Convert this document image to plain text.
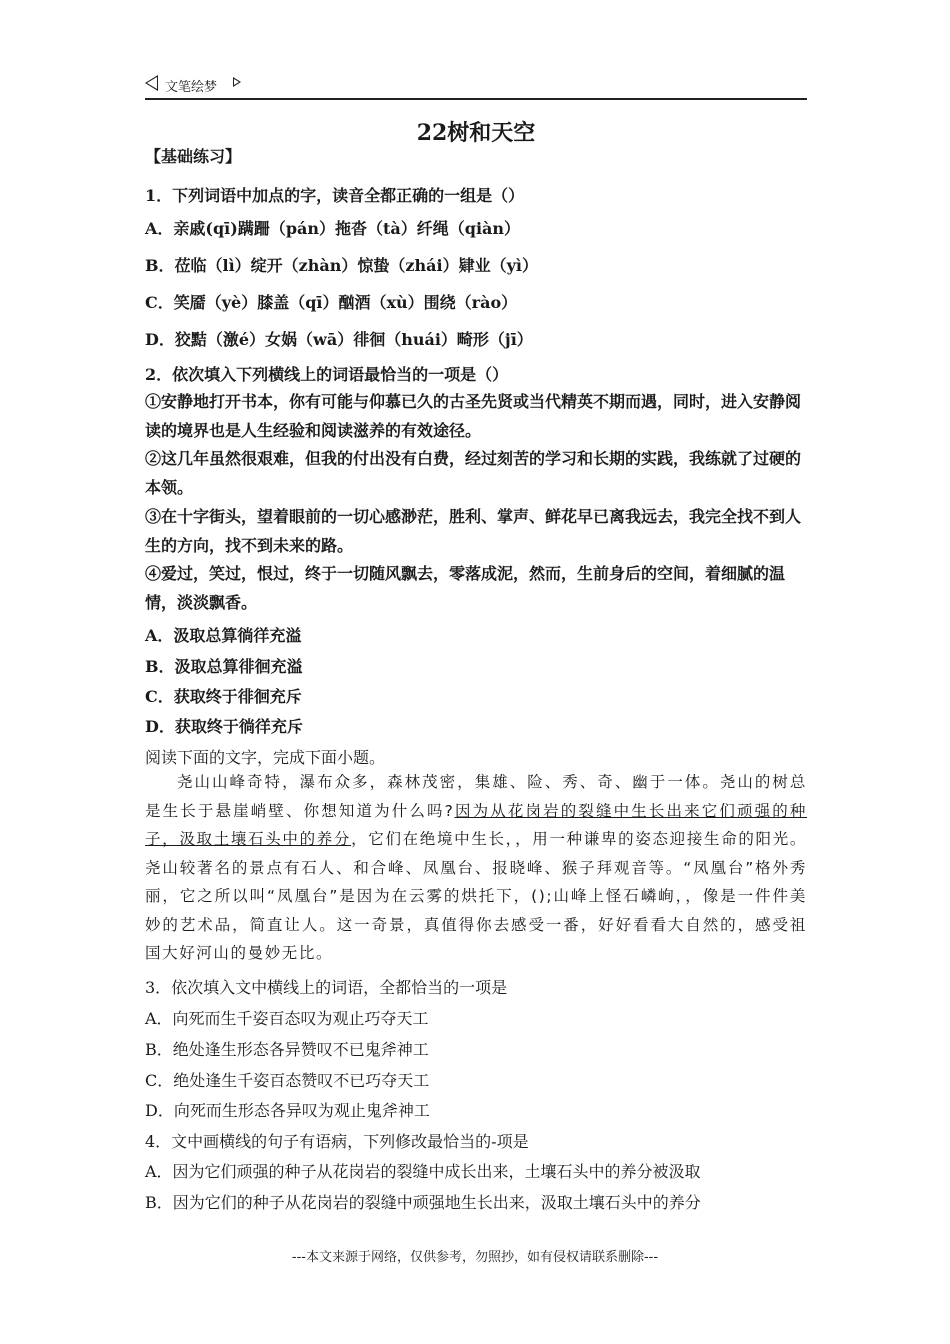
文笔绘梦
22树和天空
【基础练习】
1．下列词语中加点的字，读音全都正确的一组是（）
A．亲戚(qī)蹒跚（pán）拖沓（tà）纤绳（qiàn）
B．莅临（lì）绽开（zhàn）惊蛰（zhái）肄业（yì）
C．笑靥（yè）膝盖（qī）酗酒（xù）围绕（rào）
D．狡黠（激é）女娲（wā）徘徊（huái）畸形（jī）
2．依次填入下列横线上的词语最恰当的一项是（）
①安静地打开书本，你有可能与仰慕已久的古圣先贤或当代精英不期而遇，同时，进入安静阅读的境界也是人生经验和阅读滋养的有效途径。
②这几年虽然很艰难，但我的付出没有白费，经过刻苦的学习和长期的实践，我练就了过硬的本领。
③在十字街头，望着眼前的一切心感渺茫，胜利、掌声、鲜花早已离我远去，我完全找不到人生的方向，找不到未来的路。
④爱过，笑过，恨过，终于一切随风飘去，零落成泥，然而，生前身后的空间，着细腻的温情，淡淡飘香。
A．汲取总算徜徉充溢
B．汲取总算徘徊充溢
C．获取终于徘徊充斥
D．获取终于徜徉充斥
阅读下面的文字，完成下面小题。
尧山山峰奇特，瀑布众多，森林茂密，集雄、险、秀、奇、幽于一体。尧山的树总是生长于悬崖峭壁、你想知道为什么吗?因为从花岗岩的裂缝中生长出来它们顽强的种子，汲取土壤石头中的养分，它们在绝境中生长，，用一种谦卑的姿态迎接生命的阳光。尧山较著名的景点有石人、和合峰、凤凰台、报晓峰、猴子拜观音等。“凤凰台”格外秀丽，它之所以叫“凤凰台”是因为在云雾的烘托下，();山峰上怪石嶙峋，，像是一件件美妙的艺术品，简直让人。这一奇景，真值得你去感受一番，好好看看大自然的，感受祖国大好河山的曼妙无比。
3．依次填入文中横线上的词语，全都恰当的一项是
A．向死而生千姿百态叹为观止巧夺天工
B．绝处逢生形态各异赞叹不已鬼斧神工
C．绝处逢生千姿百态赞叹不已巧夺天工
D．向死而生形态各异叹为观止鬼斧神工
4．文中画横线的句子有语病，下列修改最恰当的-项是
A．因为它们顽强的种子从花岗岩的裂缝中成长出来，土壤石头中的养分被汲取
B．因为它们的种子从花岗岩的裂缝中顽强地生长出来，汲取土壤石头中的养分
---本文来源于网络，仅供参考，勿照抄，如有侵权请联系删除---
